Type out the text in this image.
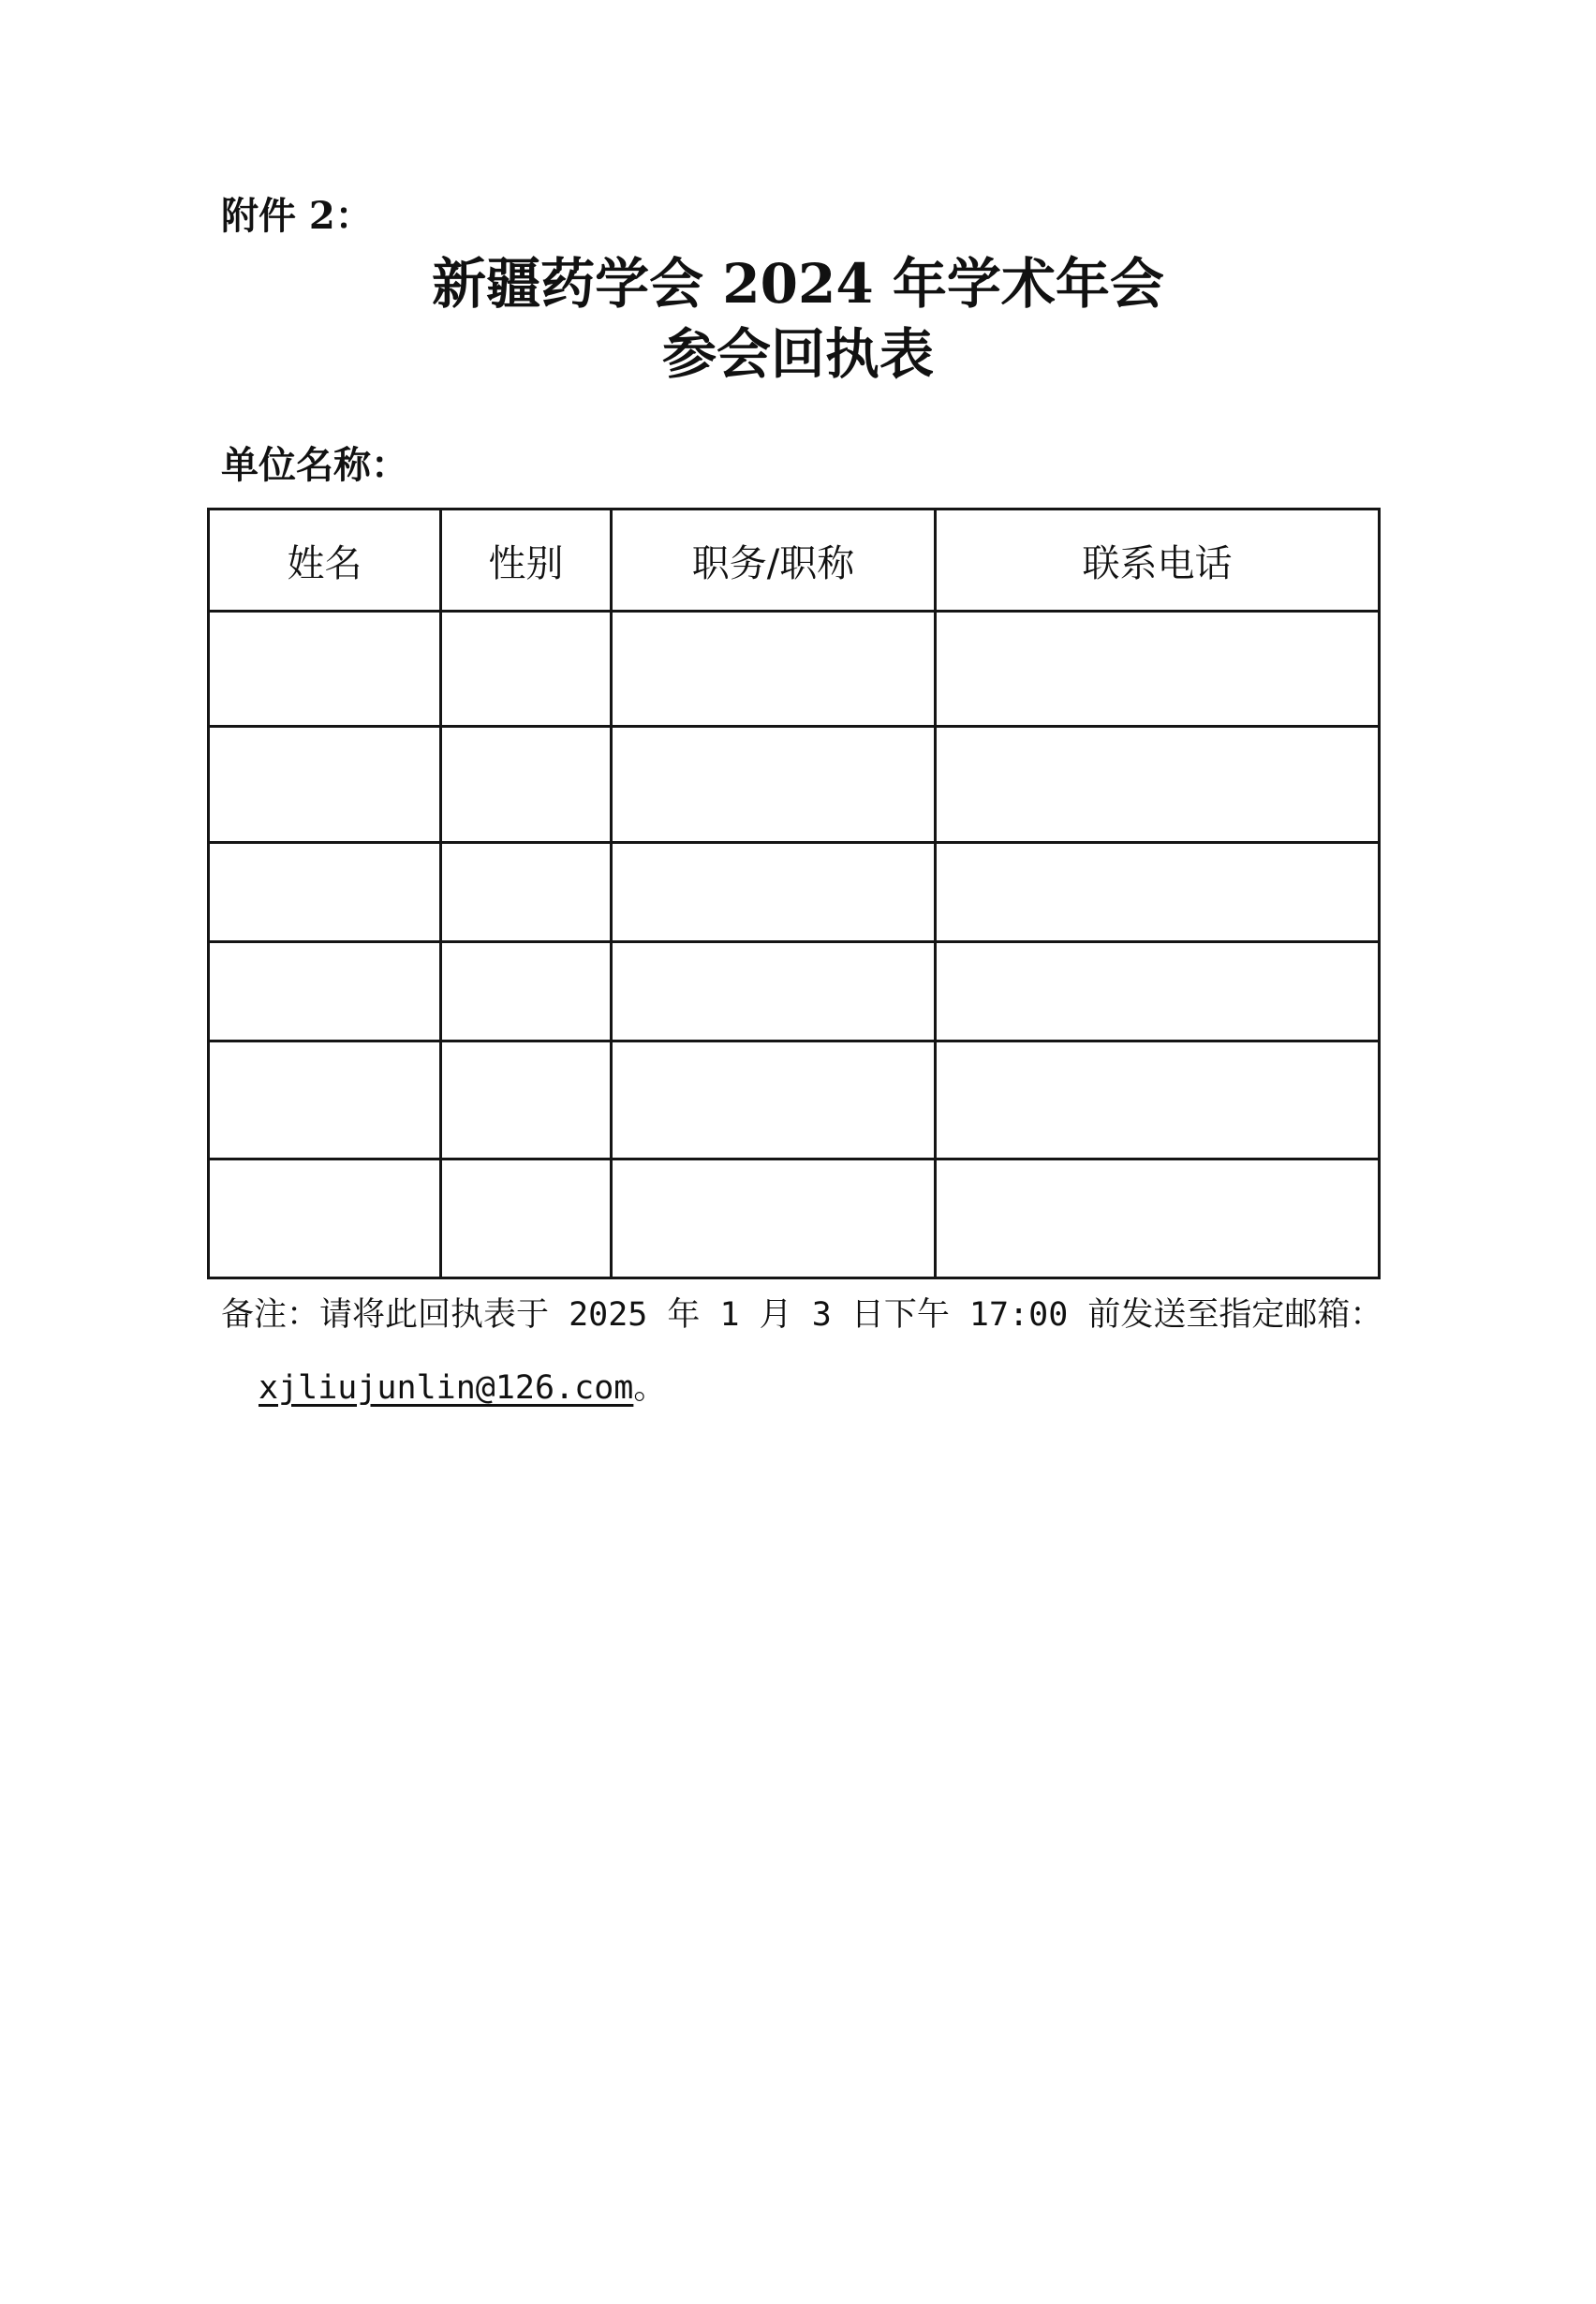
附件 2：
新疆药学会 2024 年学术年会
参会回执表
单位名称：
姓名	性别	职务/职称	联系电话

备注：请将此回执表于 2025 年 1 月 3 日下午 17:00 前发送至指定邮箱：
xjliujunlin@126.com。
